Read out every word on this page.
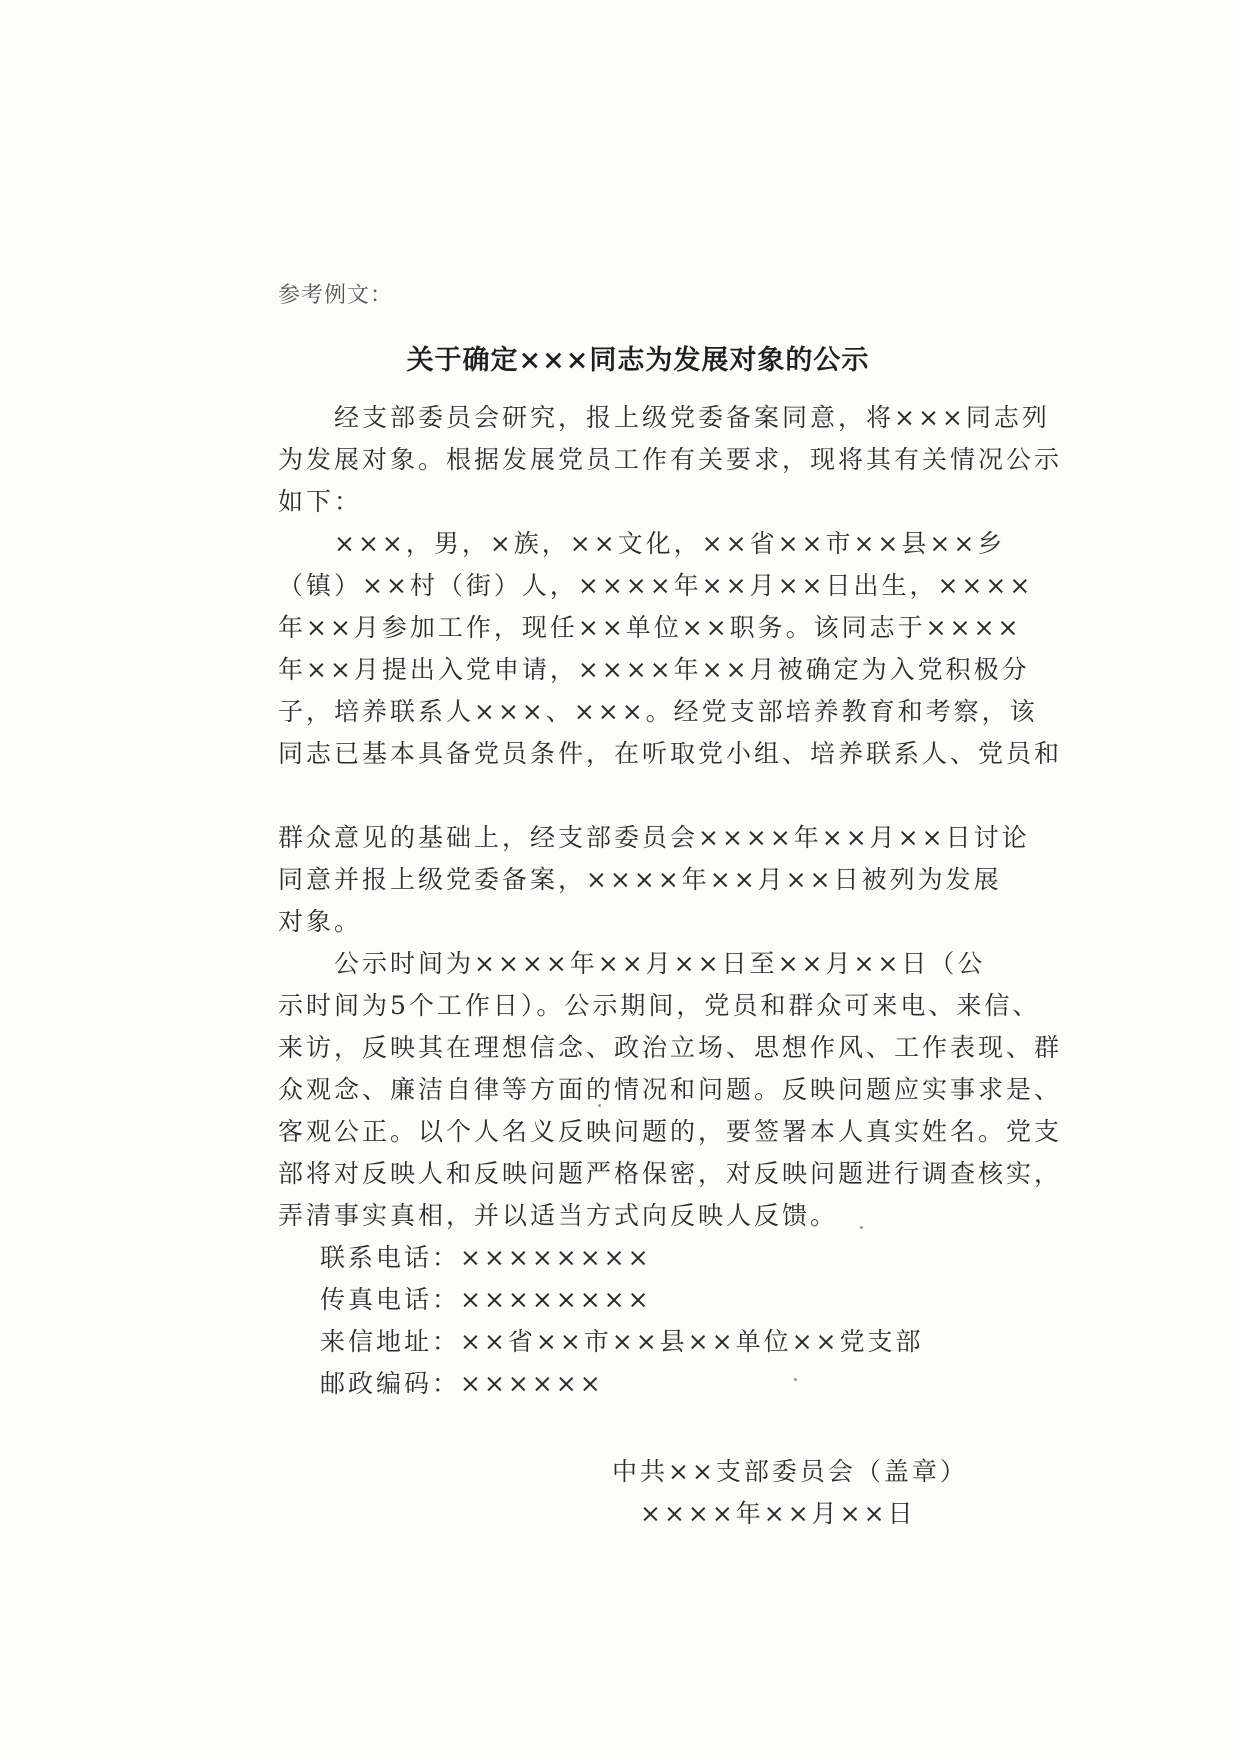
参考例文：
关于确定×××同志为发展对象的公示
　　经支部委员会研究，报上级党委备案同意，将×××同志列
为发展对象。根据发展党员工作有关要求，现将其有关情况公示
如下：
　　×××，男，×族，××文化，××省××市××县××乡
（镇）××村（街）人，××××年××月××日出生，××××
年××月参加工作，现任××单位××职务。该同志于××××
年××月提出入党申请，××××年××月被确定为入党积极分
子，培养联系人×××、×××。经党支部培养教育和考察，该
同志已基本具备党员条件，在听取党小组、培养联系人、党员和
群众意见的基础上，经支部委员会××××年××月××日讨论
同意并报上级党委备案，××××年××月××日被列为发展
对象。
　　公示时间为××××年××月××日至××月××日（公
示时间为5个工作日）。公示期间，党员和群众可来电、来信、
来访，反映其在理想信念、政治立场、思想作风、工作表现、群
众观念、廉洁自律等方面的情况和问题。反映问题应实事求是、
客观公正。以个人名义反映问题的，要签署本人真实姓名。党支
部将对反映人和反映问题严格保密，对反映问题进行调查核实，
弄清事实真相，并以适当方式向反映人反馈。
联系电话：××××××××
传真电话：××××××××
来信地址：××省××市××县××单位××党支部
邮政编码：××××××
中共××支部委员会（盖章）
××××年××月××日
